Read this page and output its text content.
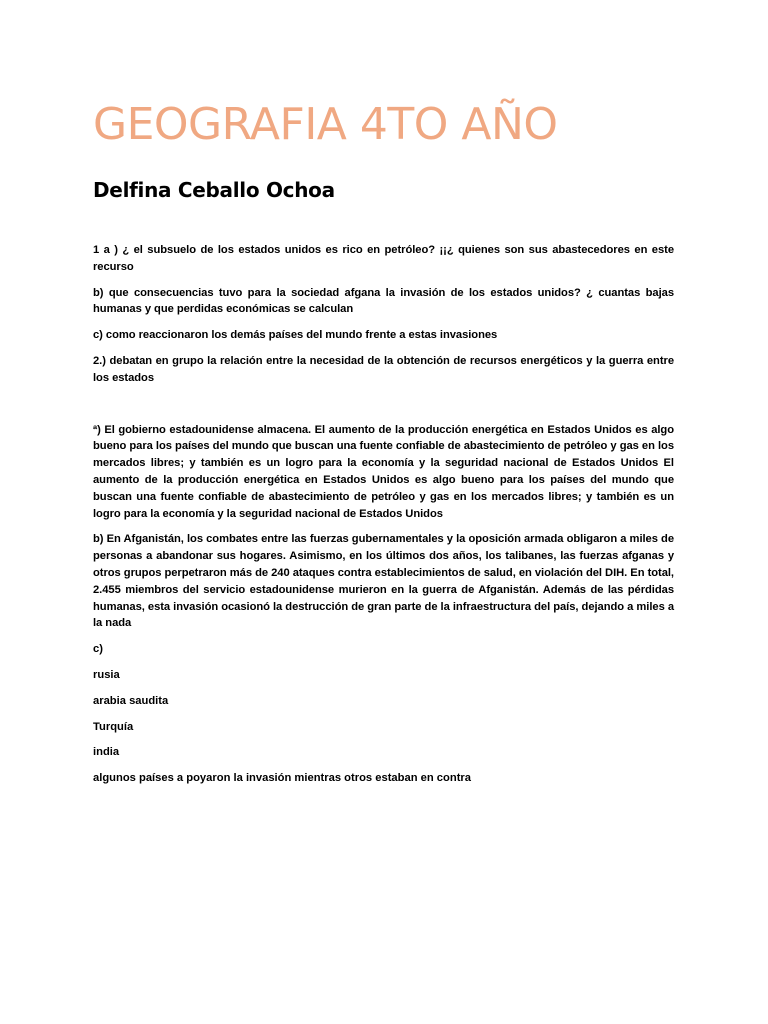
GEOGRAFIA 4TO AÑO
Delfina Ceballo Ochoa

1 a ) ¿ el subsuelo de los estados unidos es rico en petróleo? ¡¡¿ quienes son sus abastecedores en este recurso

b) que consecuencias tuvo para la sociedad afgana la invasión de los estados unidos? ¿ cuantas bajas humanas y que perdidas económicas se calculan

c) como reaccionaron los demás países del mundo frente a estas invasiones

2.) debatan en grupo la relación entre la necesidad de la obtención de recursos energéticos y la guerra entre los estados

ª) El gobierno estadounidense almacena. El aumento de la producción energética en Estados Unidos es algo bueno para los países del mundo que buscan una fuente confiable de abastecimiento de petróleo y gas en los mercados libres; y también es un logro para la economía y la seguridad nacional de Estados Unidos El aumento de la producción energética en Estados Unidos es algo bueno para los países del mundo que buscan una fuente confiable de abastecimiento de petróleo y gas en los mercados libres; y también es un logro para la economía y la seguridad nacional de Estados Unidos

b) En Afganistán, los combates entre las fuerzas gubernamentales y la oposición armada obligaron a miles de personas a abandonar sus hogares. Asimismo, en los últimos dos años, los talibanes, las fuerzas afganas y otros grupos perpetraron más de 240 ataques contra establecimientos de salud, en violación del DIH. En total, 2.455 miembros del servicio estadounidense murieron en la guerra de Afganistán. Además de las pérdidas humanas, esta invasión ocasionó la destrucción de gran parte de la infraestructura del país, dejando a miles a la nada

c)
rusia
arabia saudita
Turquía
india
algunos países a poyaron la invasión mientras otros estaban en contra
